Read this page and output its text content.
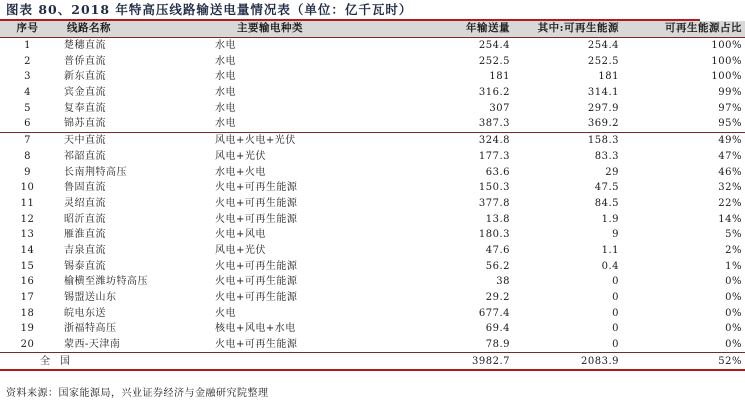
图表 80、2018 年特高压线路输送电量情况表（单位：亿千瓦时）
序号	线路名称	主要输电种类	年输送量	其中:可再生能源	可再生能源占比
1	楚穗直流	水电	254.4	254.4	100%
2	普侨直流	水电	252.5	252.5	100%
3	新东直流	水电	181	181	100%
4	宾金直流	水电	316.2	314.1	99%
5	复奉直流	水电	307	297.9	97%
6	锦苏直流	水电	387.3	369.2	95%
7	天中直流	风电+火电+光伏	324.8	158.3	49%
8	祁韶直流	风电+光伏	177.3	83.3	47%
9	长南荆特高压	水电+火电	63.6	29	46%
10	鲁固直流	火电+可再生能源	150.3	47.5	32%
11	灵绍直流	火电+可再生能源	377.8	84.5	22%
12	昭沂直流	火电+可再生能源	13.8	1.9	14%
13	雁淮直流	火电+风电	180.3	9	5%
14	吉泉直流	风电+光伏	47.6	1.1	2%
15	锡泰直流	火电+可再生能源	56.2	0.4	1%
16	榆横至潍坊特高压	火电+可再生能源	38	0	0%
17	锡盟送山东	火电+可再生能源	29.2	0	0%
18	皖电东送	火电	677.4	0	0%
19	浙福特高压	核电+风电+水电	69.4	0	0%
20	蒙西-天津南	火电+可再生能源	78.9	0	0%
全国			3982.7	2083.9	52%
资料来源：国家能源局，兴业证券经济与金融研究院整理
